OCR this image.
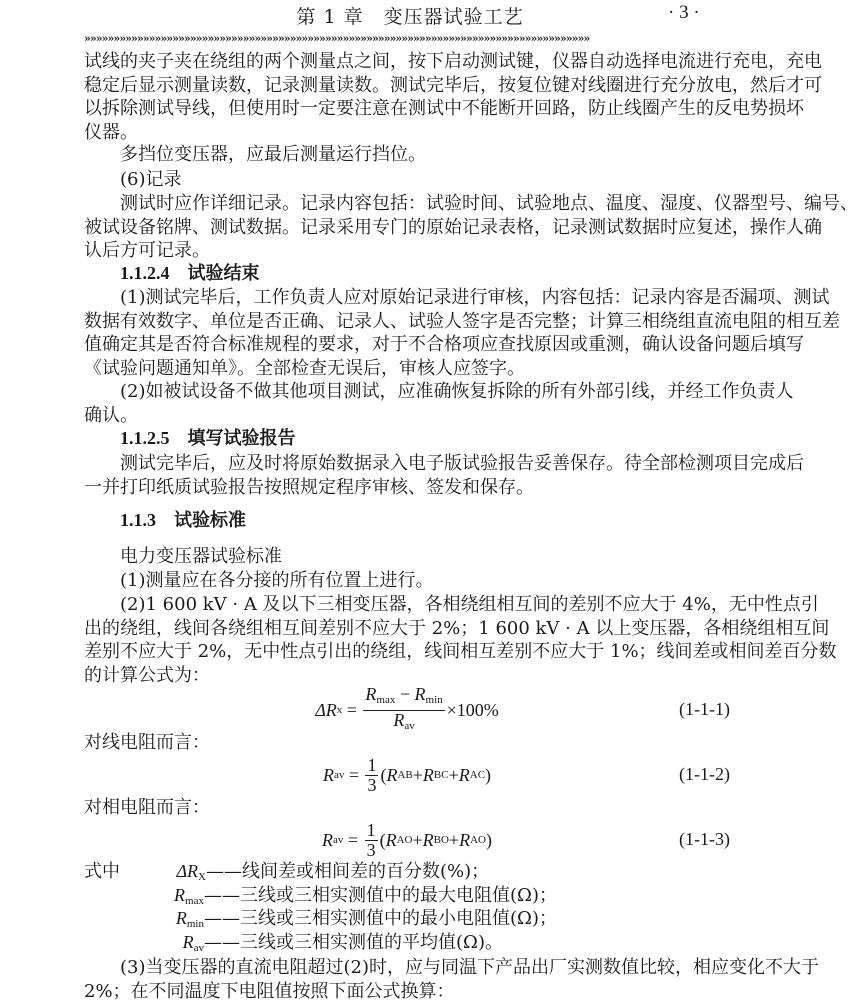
第 1 章　变压器试验工艺	· 3 ·
»»»»»»»»»»»»»»»»»»»»»»»»»»»»»»»»»»»»»»»»»»»»»»»»»»»»»»»»»»»»»»»»»»»»»»»»»»»»»»»»»»»»»»
试线的夹子夹在绕组的两个测量点之间，按下启动测试键，仪器自动选择电流进行充电，充电
稳定后显示测量读数，记录测量读数。测试完毕后，按复位键对线圈进行充分放电，然后才可
以拆除测试导线，但使用时一定要注意在测试中不能断开回路，防止线圈产生的反电势损坏
仪器。
多挡位变压器，应最后测量运行挡位。
(6)记录
测试时应作详细记录。记录内容包括：试验时间、试验地点、温度、湿度、仪器型号、编号、
被试设备铭牌、测试数据。记录采用专门的原始记录表格，记录测试数据时应复述，操作人确
认后方可记录。
1.1.2.4 试验结束
(1)测试完毕后，工作负责人应对原始记录进行审核，内容包括：记录内容是否漏项、测试
数据有效数字、单位是否正确、记录人、试验人签字是否完整；计算三相绕组直流电阻的相互差
值确定其是否符合标准规程的要求，对于不合格项应查找原因或重测，确认设备问题后填写
《试验问题通知单》。全部检查无误后，审核人应签字。
(2)如被试设备不做其他项目测试，应准确恢复拆除的所有外部引线，并经工作负责人
确认。
1.1.2.5 填写试验报告
测试完毕后，应及时将原始数据录入电子版试验报告妥善保存。待全部检测项目完成后
一并打印纸质试验报告按照规定程序审核、签发和保存。
1.1.3 试验标准
电力变压器试验标准
(1)测量应在各分接的所有位置上进行。
(2)1 600 kV · A 及以下三相变压器，各相绕组相互间的差别不应大于 4%，无中性点引
出的绕组，线间各绕组相互间差别不应大于 2%；1 600 kV · A 以上变压器，各相绕组相互间
差别不应大于 2%，无中性点引出的绕组，线间相互差别不应大于 1%；线间差或相间差百分数
的计算公式为：
ΔR $x = \frac{R_{max} - R_{min}}{R_{av}} \times 100\%$	(1-1-1)
对线电阻而言：
R av = $\frac{1}{3}$ ( R AB + R BC + R AC )	(1-1-2)
对相电阻而言：
R av = $\frac{1}{3}$ ( R AO + R BO + R AO )	(1-1-3)
式中	$\Delta R_X$ ——线间差或相间差的百分数(%)；
$R_{max}$ ——三线或三相实测值中的最大电阻值(Ω)；
$R_{min}$ ——三线或三相实测值中的最小电阻值(Ω)；
$R_{av}$ ——三线或三相实测值的平均值(Ω)。
(3)当变压器的直流电阻超过(2)时，应与同温下产品出厂实测数值比较，相应变化不大于
2%；在不同温度下电阻值按照下面公式换算：
